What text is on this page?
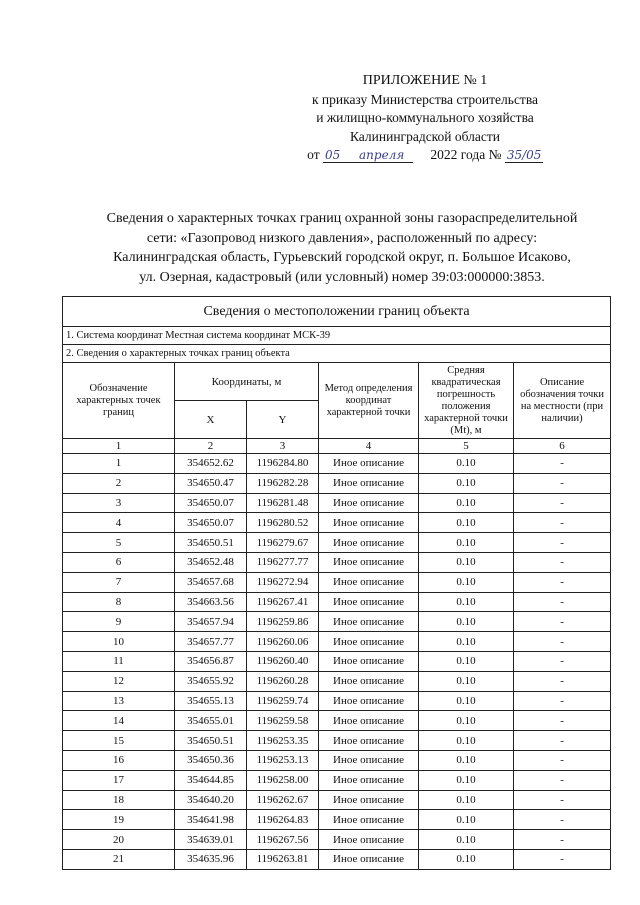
ПРИЛОЖЕНИЕ № 1
к приказу Министерства строительства
и жилищно-коммунального хозяйства
Калининградской области
от 05 апреля 2022 года № 35/05
Сведения о характерных точках границ охранной зоны газораспределительной
сети: «Газопровод низкого давления», расположенный по адресу:
Калининградская область, Гурьевский городской округ, п. Большое Исаково,
ул. Озерная, кадастровый (или условный) номер 39:03:000000:3853.
Сведения о местоположении границ объекта					
1. Система координат Местная система координат МСК-39					
2. Сведения о характерных точках границ объекта					
Обозначение характерных точек границ	Координаты, м		Метод определения координат характерной точки	Средняя квадратическая погрешность положения характерной точки (Mt), м	Описание обозначения точки на местности (при наличии)
	X	Y			
1	2	3	4	5	6
1	354652.62	1196284.80	Иное описание	0.10	-
2	354650.47	1196282.28	Иное описание	0.10	-
3	354650.07	1196281.48	Иное описание	0.10	-
4	354650.07	1196280.52	Иное описание	0.10	-
5	354650.51	1196279.67	Иное описание	0.10	-
6	354652.48	1196277.77	Иное описание	0.10	-
7	354657.68	1196272.94	Иное описание	0.10	-
8	354663.56	1196267.41	Иное описание	0.10	-
9	354657.94	1196259.86	Иное описание	0.10	-
10	354657.77	1196260.06	Иное описание	0.10	-
11	354656.87	1196260.40	Иное описание	0.10	-
12	354655.92	1196260.28	Иное описание	0.10	-
13	354655.13	1196259.74	Иное описание	0.10	-
14	354655.01	1196259.58	Иное описание	0.10	-
15	354650.51	1196253.35	Иное описание	0.10	-
16	354650.36	1196253.13	Иное описание	0.10	-
17	354644.85	1196258.00	Иное описание	0.10	-
18	354640.20	1196262.67	Иное описание	0.10	-
19	354641.98	1196264.83	Иное описание	0.10	-
20	354639.01	1196267.56	Иное описание	0.10	-
21	354635.96	1196263.81	Иное описание	0.10	-
